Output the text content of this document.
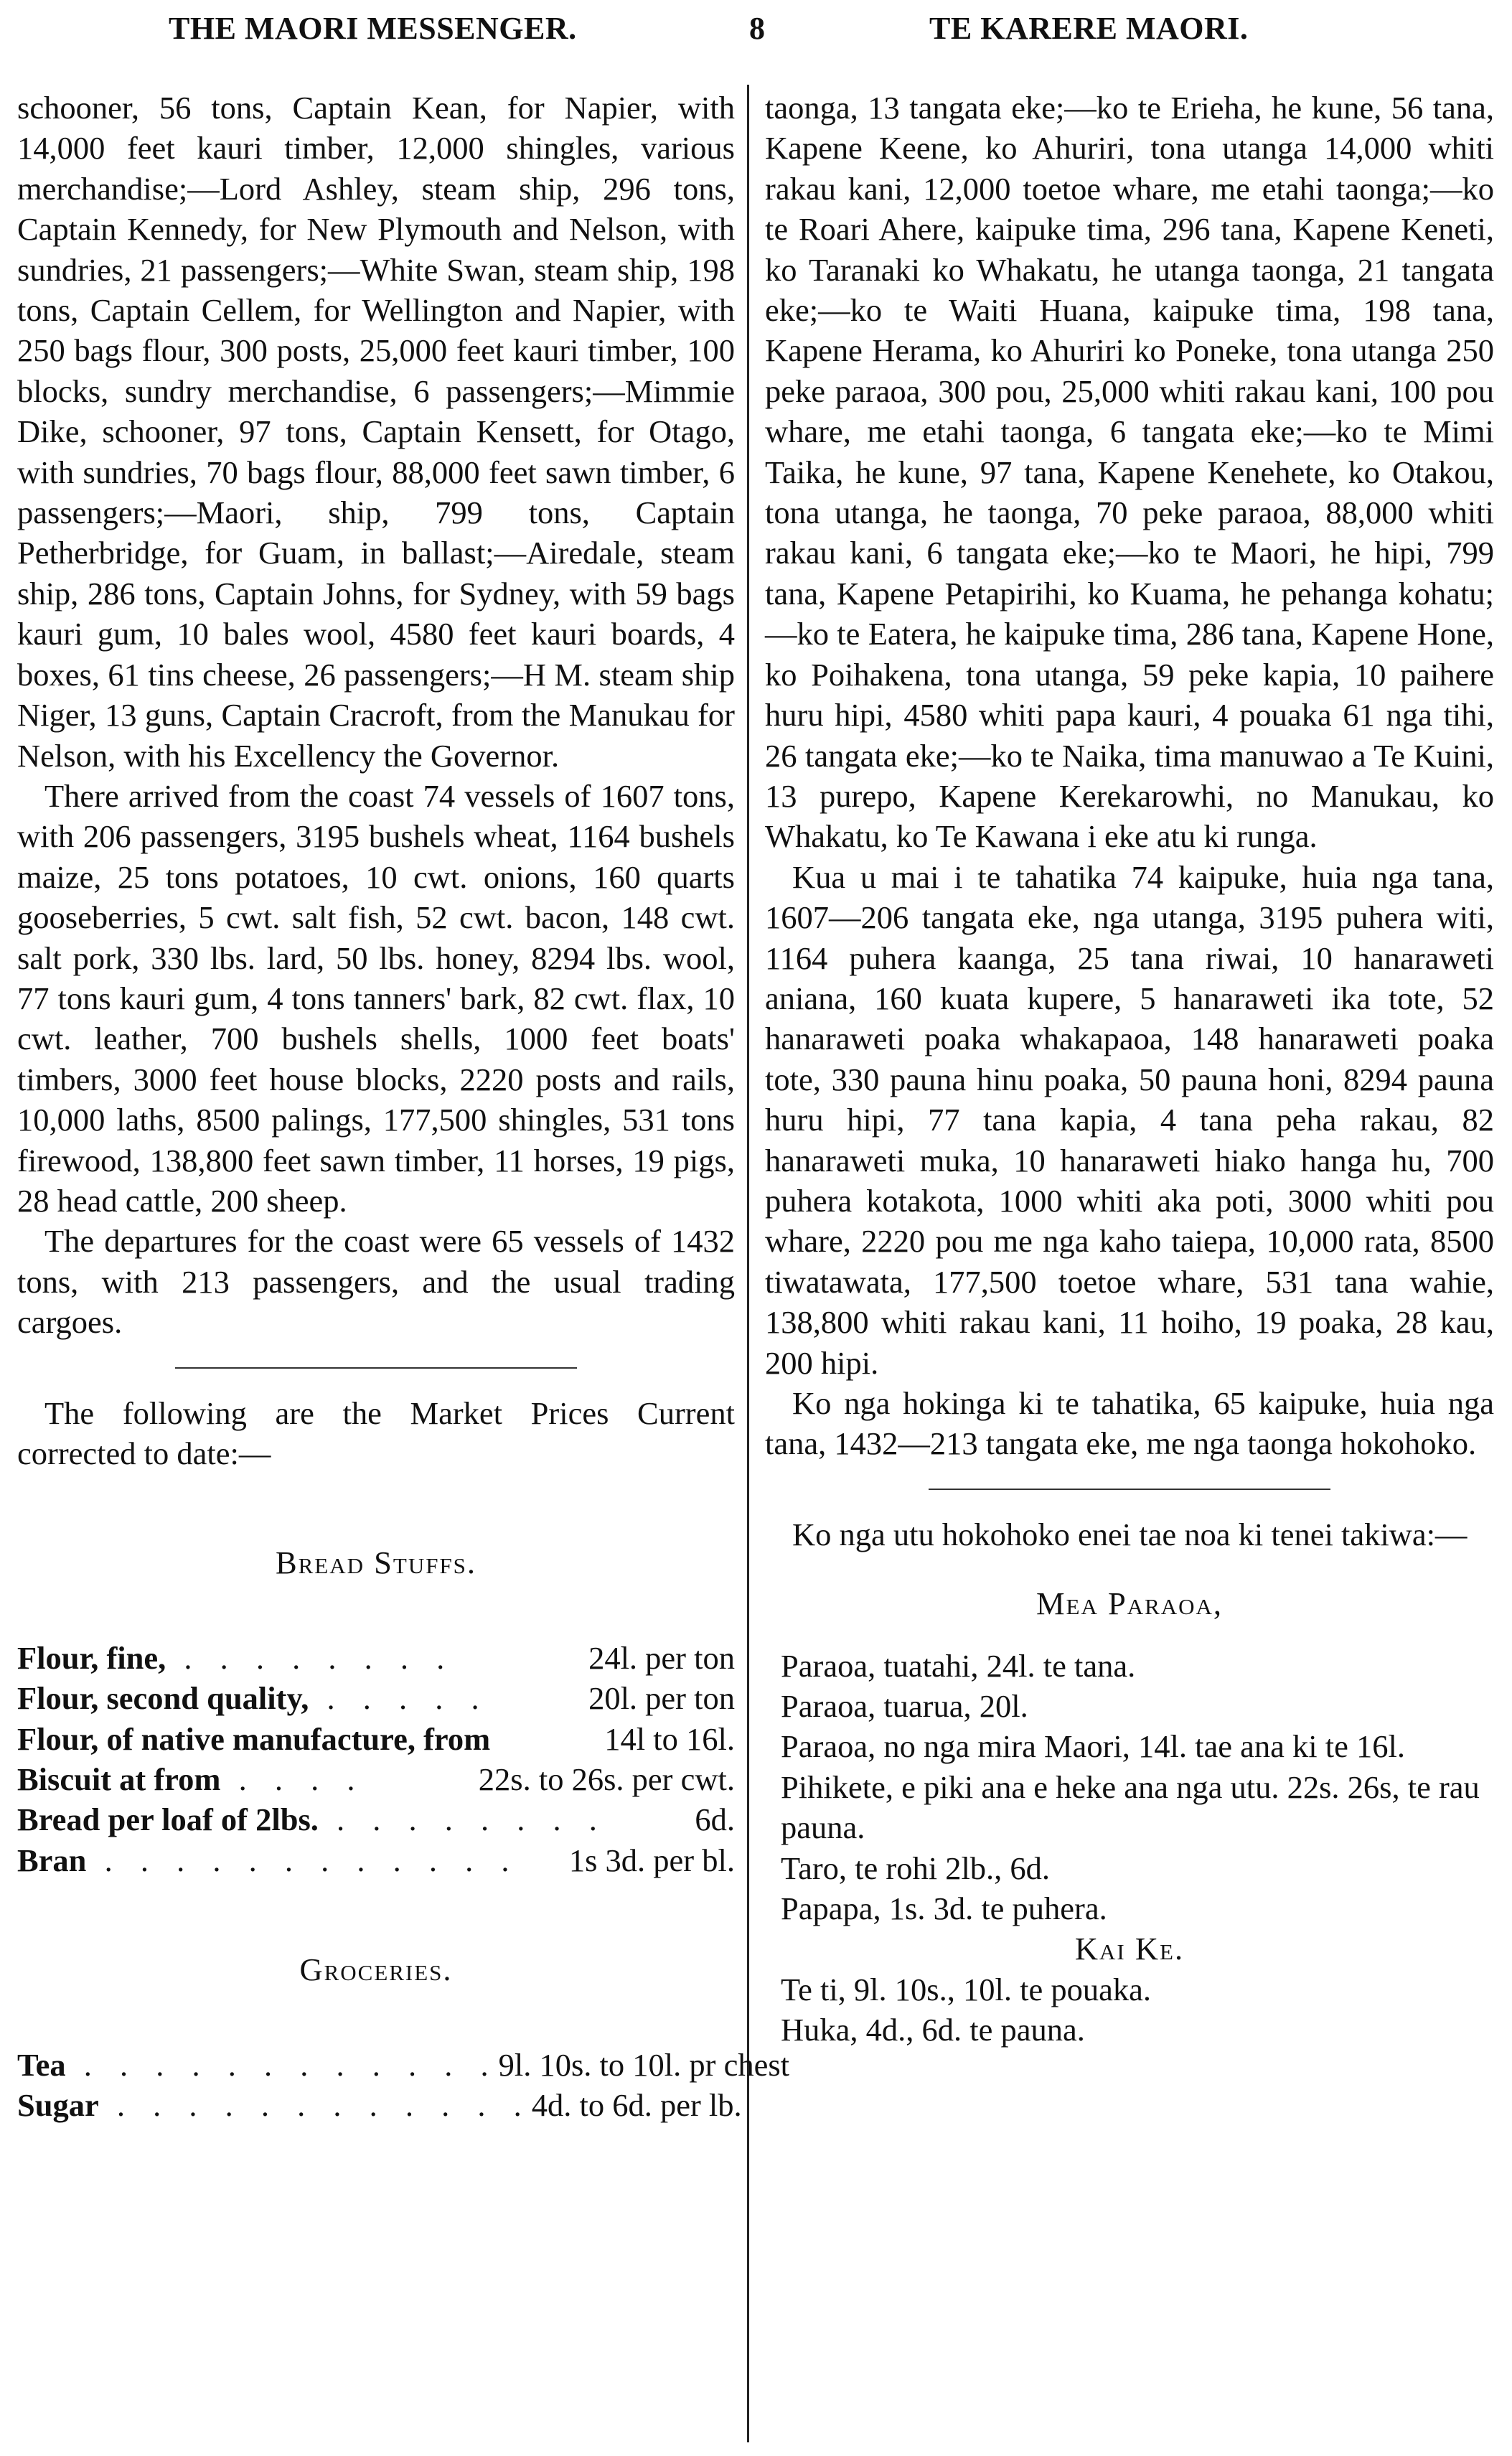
THE MAORI MESSENGER.	8	TE KARERE MAORI.

schooner, 56 tons, Captain Kean, for Napier, with 14,000 feet kauri timber, 12,000 shingles, various merchandise;—Lord Ashley, steam ship, 296 tons, Captain Kennedy, for New Plymouth and Nelson, with sundries, 21 passengers;—White Swan, steam ship, 198 tons, Captain Cellem, for Wellington and Napier, with 250 bags flour, 300 posts, 25,000 feet kauri timber, 100 blocks, sundry merchandise, 6 passengers;—Mimmie Dike, schooner, 97 tons, Captain Kensett, for Otago, with sundries, 70 bags flour, 88,000 feet sawn timber, 6 passengers;—Maori, ship, 799 tons, Captain Petherbridge, for Guam, in ballast;—Airedale, steam ship, 286 tons, Captain Johns, for Sydney, with 59 bags kauri gum, 10 bales wool, 4580 feet kauri boards, 4 boxes, 61 tins cheese, 26 passengers;—H M. steam ship Niger, 13 guns, Captain Cracroft, from the Manukau for Nelson, with his Excellency the Governor.

There arrived from the coast 74 vessels of 1607 tons, with 206 passengers, 3195 bushels wheat, 1164 bushels maize, 25 tons potatoes, 10 cwt. onions, 160 quarts gooseberries, 5 cwt. salt fish, 52 cwt. bacon, 148 cwt. salt pork, 330 lbs. lard, 50 lbs. honey, 8294 lbs. wool, 77 tons kauri gum, 4 tons tanners' bark, 82 cwt. flax, 10 cwt. leather, 700 bushels shells, 1000 feet boats' timbers, 3000 feet house blocks, 2220 posts and rails, 10,000 laths, 8500 palings, 177,500 shingles, 531 tons firewood, 138,800 feet sawn timber, 11 horses, 19 pigs, 28 head cattle, 200 sheep.

The departures for the coast were 65 vessels of 1432 tons, with 213 passengers, and the usual trading cargoes.

The following are the Market Prices Current corrected to date:—

Bread Stuffs.

Flour, fine, . . . . . . . .	24l. per ton
Flour, second quality, . . . . .	20l. per ton
Flour, of native manufacture, from	14l to 16l.
Biscuit at from . . . .	22s. to 26s. per cwt.
Bread per loaf of 2lbs. . . . . . . . .	6d.
Bran . . . . . . . . . . . .	1s 3d. per bl.

Groceries.

Tea . . . . . . . . . . . . 9l. 10s. to 10l. pr chest
Sugar . . . . . . . . . . . . 4d. to 6d. per lb.

taonga, 13 tangata eke;—ko te Erieha, he kune, 56 tana, Kapene Keene, ko Ahuriri, tona utanga 14,000 whiti rakau kani, 12,000 toetoe whare, me etahi taonga;—ko te Roari Ahere, kaipuke tima, 296 tana, Kapene Keneti, ko Taranaki ko Whakatu, he utanga taonga, 21 tangata eke;—ko te Waiti Huana, kaipuke tima, 198 tana, Kapene Herama, ko Ahuriri ko Poneke, tona utanga 250 peke paraoa, 300 pou, 25,000 whiti rakau kani, 100 pou whare, me etahi taonga, 6 tangata eke;—ko te Mimi Taika, he kune, 97 tana, Kapene Kenehete, ko Otakou, tona utanga, he taonga, 70 peke paraoa, 88,000 whiti rakau kani, 6 tangata eke;—ko te Maori, he hipi, 799 tana, Kapene Petapirihi, ko Kuama, he pehanga kohatu;—ko te Eatera, he kaipuke tima, 286 tana, Kapene Hone, ko Poihakena, tona utanga, 59 peke kapia, 10 paihere huru hipi, 4580 whiti papa kauri, 4 pouaka 61 nga tihi, 26 tangata eke;—ko te Naika, tima manuwao a Te Kuini, 13 purepo, Kapene Kerekarowhi, no Manukau, ko Whakatu, ko Te Kawana i eke atu ki runga.

Kua u mai i te tahatika 74 kaipuke, huia nga tana, 1607—206 tangata eke, nga utanga, 3195 puhera witi, 1164 puhera kaanga, 25 tana riwai, 10 hanaraweti aniana, 160 kuata kupere, 5 hanaraweti ika tote, 52 hanaraweti poaka whakapaoa, 148 hanaraweti poaka tote, 330 pauna hinu poaka, 50 pauna honi, 8294 pauna huru hipi, 77 tana kapia, 4 tana peha rakau, 82 hanaraweti muka, 10 hanaraweti hiako hanga hu, 700 puhera kotakota, 1000 whiti aka poti, 3000 whiti pou whare, 2220 pou me nga kaho taiepa, 10,000 rata, 8500 tiwatawata, 177,500 toetoe whare, 531 tana wahie, 138,800 whiti rakau kani, 11 hoiho, 19 poaka, 28 kau, 200 hipi.

Ko nga hokinga ki te tahatika, 65 kaipuke, huia nga tana, 1432—213 tangata eke, me nga taonga hokohoko.

Ko nga utu hokohoko enei tae noa ki tenei takiwa:—

Mea Paraoa,

Paraoa, tuatahi, 24l. te tana.

Paraoa, tuarua, 20l.

Paraoa, no nga mira Maori, 14l. tae ana ki te 16l.

Pihikete, e piki ana e heke ana nga utu. 22s. 26s, te rau pauna.

Taro, te rohi 2lb., 6d.

Papapa, 1s. 3d. te puhera.

Kai Ke.

Te ti, 9l. 10s., 10l. te pouaka.

Huka, 4d., 6d. te pauna.
